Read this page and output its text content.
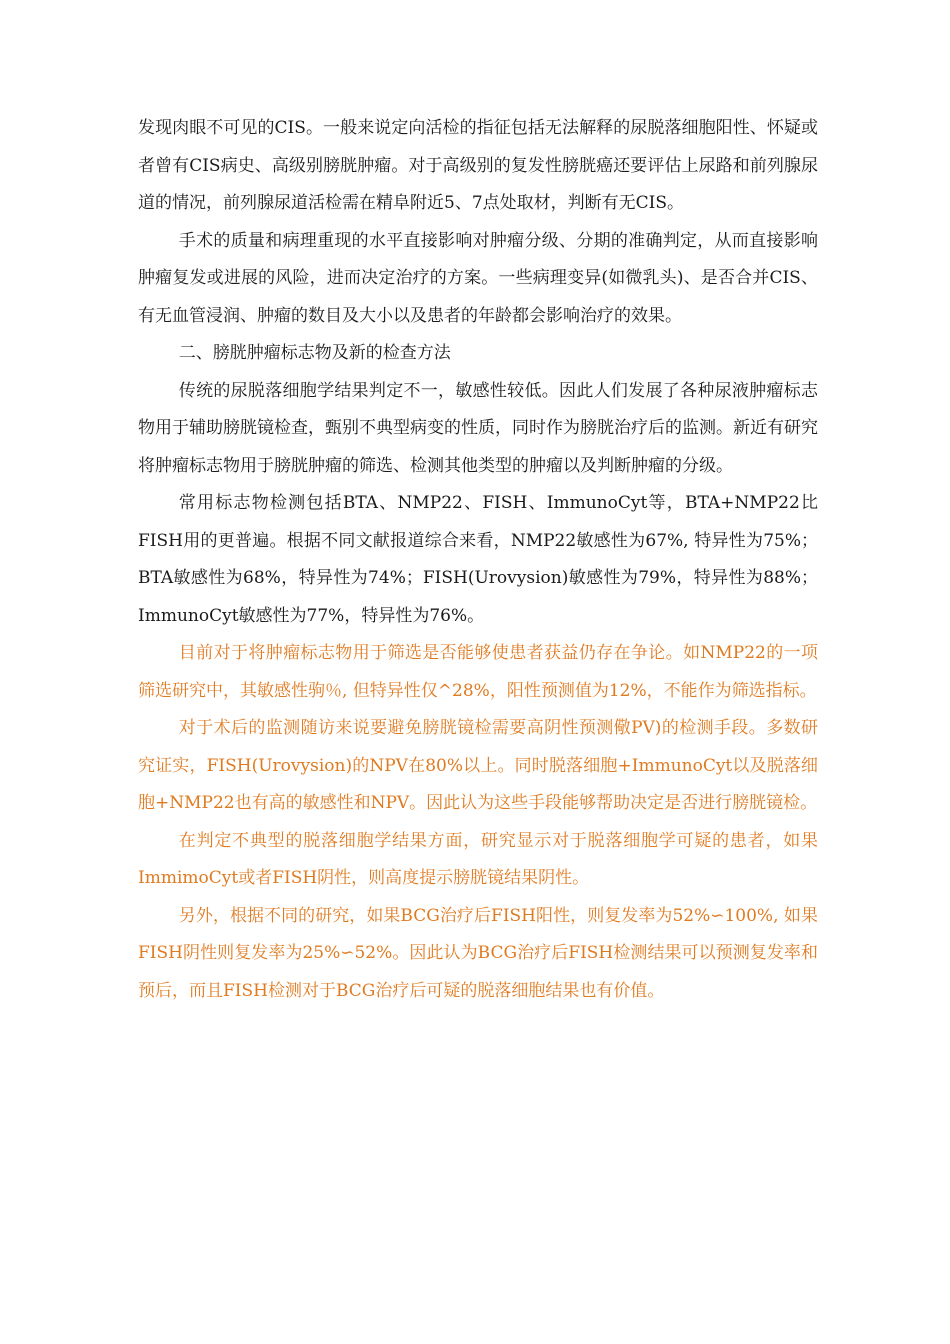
发现肉眼不可见的CIS。一般来说定向活检的指征包括无法解释的尿脱落细胞阳性、怀疑或者曾有CIS病史、高级别膀胱肿瘤。对于高级别的复发性膀胱癌还要评估上尿路和前列腺尿道的情况，前列腺尿道活检需在精阜附近5、7点处取材，判断有无CIS。

手术的质量和病理重现的水平直接影响对肿瘤分级、分期的准确判定，从而直接影响肿瘤复发或进展的风险，进而决定治疗的方案。一些病理变异(如微乳头)、是否合并CIS、有无血管浸润、肿瘤的数目及大小以及患者的年龄都会影响治疗的效果。

二、膀胱肿瘤标志物及新的检查方法

传统的尿脱落细胞学结果判定不一，敏感性较低。因此人们发展了各种尿液肿瘤标志物用于辅助膀胱镜检查，甄别不典型病变的性质，同时作为膀胱治疗后的监测。新近有研究将肿瘤标志物用于膀胱肿瘤的筛选、检测其他类型的肿瘤以及判断肿瘤的分级。

常用标志物检测包括BTA、NMP22、FISH、ImmunoCyt等，BTA+NMP22比FISH用的更普遍。根据不同文献报道综合来看，NMP22敏感性为67%, 特异性为75%；BTA敏感性为68%，特异性为74%；FISH(Urovysion)敏感性为79%，特异性为88%；ImmunoCyt敏感性为77%，特异性为76%。

目前对于将肿瘤标志物用于筛选是否能够使患者获益仍存在争论。如NMP22的一项筛选研究中，其敏感性驹％, 但特异性仅^28%，阳性预测值为12%，不能作为筛选指标。

对于术后的监测随访来说要避免膀胱镜检需要高阴性预测儆PV)的检测手段。多数研究证实，FISH(Urovysion)的NPV在80%以上。同时脱落细胞+ImmunoCyt以及脱落细胞+NMP22也有高的敏感性和NPV。因此认为这些手段能够帮助决定是否进行膀胱镜检。

在判定不典型的脱落细胞学结果方面，研究显示对于脱落细胞学可疑的患者，如果ImmimoCyt或者FISH阴性，则高度提示膀胱镜结果阴性。

另外，根据不同的研究，如果BCG治疗后FISH阳性，则复发率为52%∽100%, 如果FISH阴性则复发率为25%∽52%。因此认为BCG治疗后FISH检测结果可以预测复发率和预后，而且FISH检测对于BCG治疗后可疑的脱落细胞结果也有价值。
